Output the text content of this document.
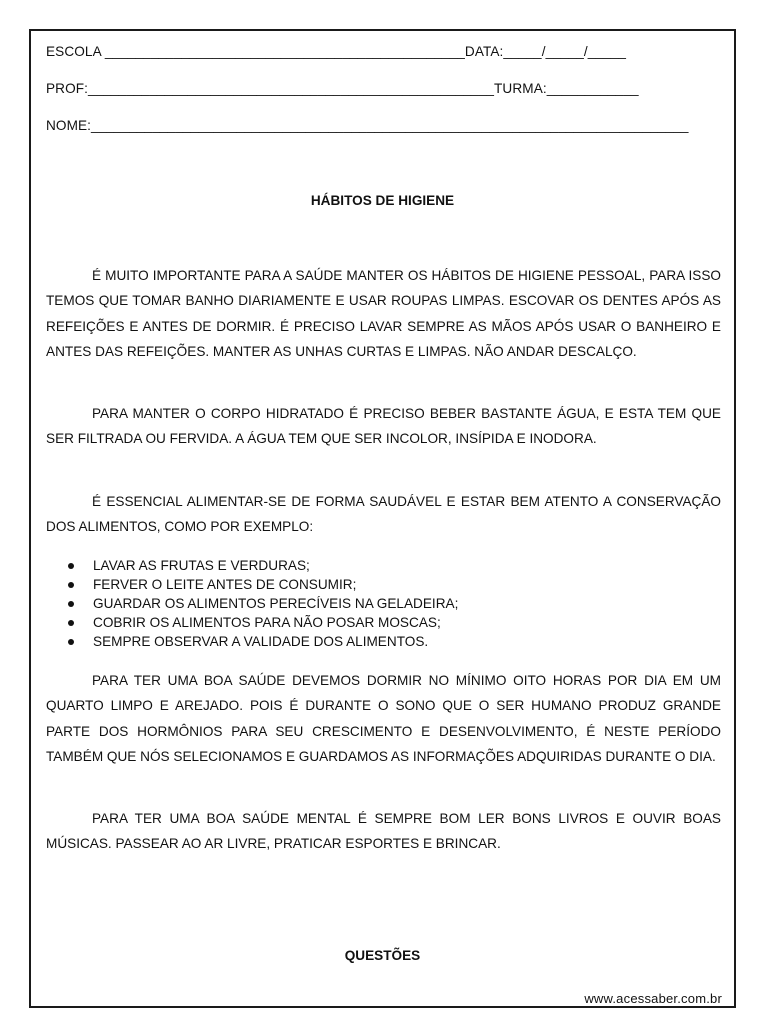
ESCOLA _______________________________________________DATA:_____/_____/_____
PROF:_____________________________________________________TURMA:____________
NOME:______________________________________________________________________________
HÁBITOS DE HIGIENE

É MUITO IMPORTANTE PARA A SAÚDE MANTER OS HÁBITOS DE HIGIENE PESSOAL, PARA ISSO TEMOS QUE TOMAR BANHO DIARIAMENTE E USAR ROUPAS LIMPAS. ESCOVAR OS DENTES APÓS AS REFEIÇÕES E ANTES DE DORMIR. É PRECISO LAVAR SEMPRE AS MÃOS APÓS USAR O BANHEIRO E ANTES DAS REFEIÇÕES. MANTER AS UNHAS CURTAS E LIMPAS. NÃO ANDAR DESCALÇO.

PARA MANTER O CORPO HIDRATADO É PRECISO BEBER BASTANTE ÁGUA, E ESTA TEM QUE SER FILTRADA OU FERVIDA. A ÁGUA TEM QUE SER INCOLOR, INSÍPIDA E INODORA.

É ESSENCIAL ALIMENTAR-SE DE FORMA SAUDÁVEL E ESTAR BEM ATENTO A CONSERVAÇÃO DOS ALIMENTOS, COMO POR EXEMPLO:

LAVAR AS FRUTAS E VERDURAS;
FERVER O LEITE ANTES DE CONSUMIR;
GUARDAR OS ALIMENTOS PERECÍVEIS NA GELADEIRA;
COBRIR OS ALIMENTOS PARA NÃO POSAR MOSCAS;
SEMPRE OBSERVAR A VALIDADE DOS ALIMENTOS.

PARA TER UMA BOA SAÚDE DEVEMOS DORMIR NO MÍNIMO OITO HORAS POR DIA EM UM QUARTO LIMPO E AREJADO. POIS É DURANTE O SONO QUE O SER HUMANO PRODUZ GRANDE PARTE DOS HORMÔNIOS PARA SEU CRESCIMENTO E DESENVOLVIMENTO, É NESTE PERÍODO TAMBÉM QUE NÓS SELECIONAMOS E GUARDAMOS AS INFORMAÇÕES ADQUIRIDAS DURANTE O DIA.

PARA TER UMA BOA SAÚDE MENTAL É SEMPRE BOM LER BONS LIVROS E OUVIR BOAS MÚSICAS. PASSEAR AO AR LIVRE, PRATICAR ESPORTES E BRINCAR.

QUESTÕES
www.acessaber.com.br
